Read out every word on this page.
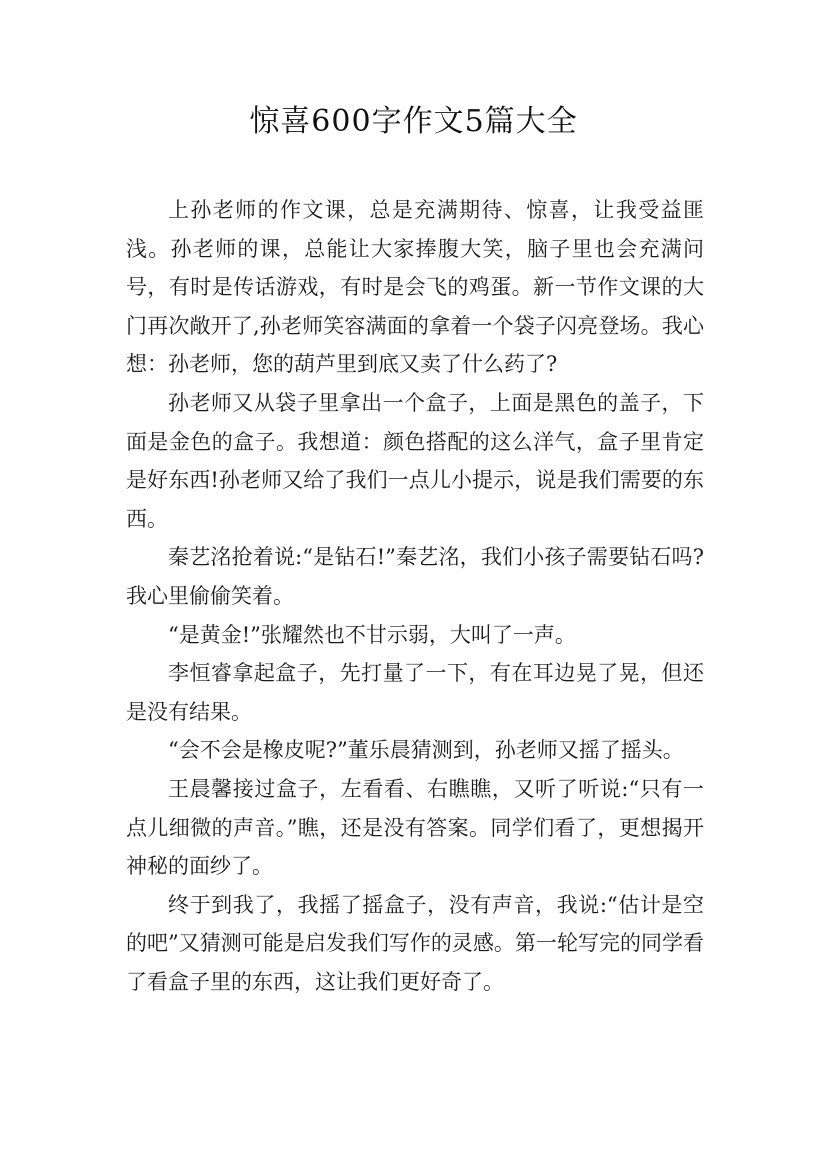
惊喜600字作文5篇大全

上孙老师的作文课，总是充满期待、惊喜，让我受益匪浅。孙老师的课，总能让大家捧腹大笑，脑子里也会充满问号，有时是传话游戏，有时是会飞的鸡蛋。新一节作文课的大门再次敞开了,孙老师笑容满面的拿着一个袋子闪亮登场。我心想：孙老师，您的葫芦里到底又卖了什么药了?

孙老师又从袋子里拿出一个盒子，上面是黑色的盖子，下面是金色的盒子。我想道：颜色搭配的这么洋气，盒子里肯定是好东西!孙老师又给了我们一点儿小提示，说是我们需要的东西。

秦艺洺抢着说:“是钻石!”秦艺洺，我们小孩子需要钻石吗?我心里偷偷笑着。

“是黄金!”张耀然也不甘示弱，大叫了一声。

李恒睿拿起盒子，先打量了一下，有在耳边晃了晃，但还是没有结果。

“会不会是橡皮呢?”董乐晨猜测到，孙老师又摇了摇头。

王晨馨接过盒子，左看看、右瞧瞧，又听了听说:“只有一点儿细微的声音。”瞧，还是没有答案。同学们看了，更想揭开神秘的面纱了。

终于到我了，我摇了摇盒子，没有声音，我说:“估计是空的吧”又猜测可能是启发我们写作的灵感。第一轮写完的同学看了看盒子里的东西，这让我们更好奇了。
